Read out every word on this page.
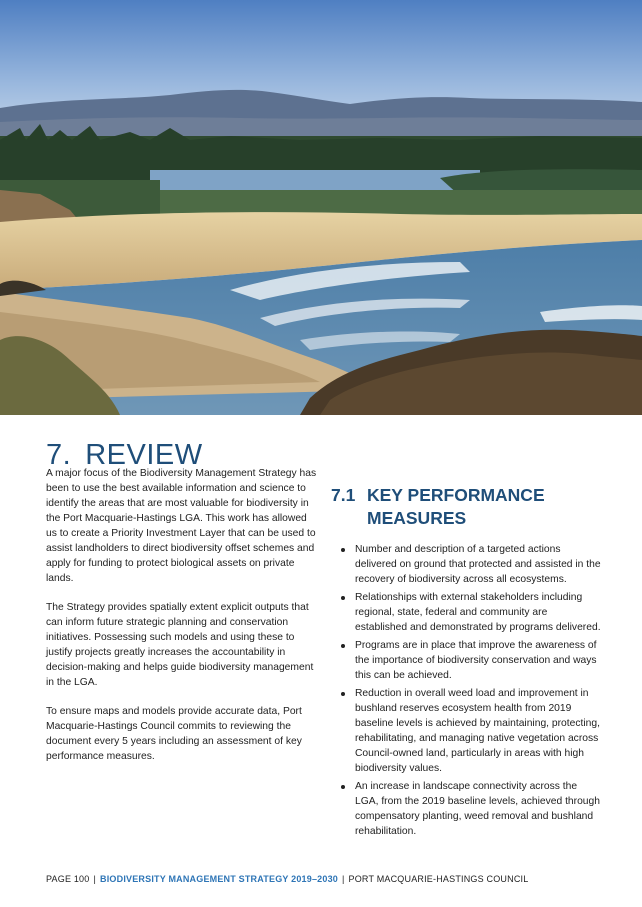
7. REVIEW

A major focus of the Biodiversity Management Strategy has been to use the best available information and science to identify the areas that are most valuable for biodiversity in the Port Macquarie-Hastings LGA. This work has allowed us to create a Priority Investment Layer that can be used to assist landholders to direct biodiversity offset schemes and apply for funding to protect biological assets on private lands.

The Strategy provides spatially extent explicit outputs that can inform future strategic planning and conservation initiatives. Possessing such models and using these to justify projects greatly increases the accountability in decision-making and helps guide biodiversity management in the LGA.

To ensure maps and models provide accurate data, Port Macquarie-Hastings Council commits to reviewing the document every 5 years including an assessment of key performance measures.

7.1 KEY PERFORMANCE MEASURES
Number and description of a targeted actions delivered on ground that protected and assisted in the recovery of biodiversity across all ecosystems.
Relationships with external stakeholders including regional, state, federal and community are established and demonstrated by programs delivered.
Programs are in place that improve the awareness of the importance of biodiversity conservation and ways this can be achieved.
Reduction in overall weed load and improvement in bushland reserves ecosystem health from 2019 baseline levels is achieved by maintaining, protecting, rehabilitating, and managing native vegetation across Council-owned land, particularly in areas with high biodiversity values.
An increase in landscape connectivity across the LGA, from the 2019 baseline levels, achieved through compensatory planting, weed removal and bushland rehabilitation.
PAGE 100 | BIODIVERSITY MANAGEMENT STRATEGY 2019–2030 | PORT MACQUARIE-HASTINGS COUNCIL
